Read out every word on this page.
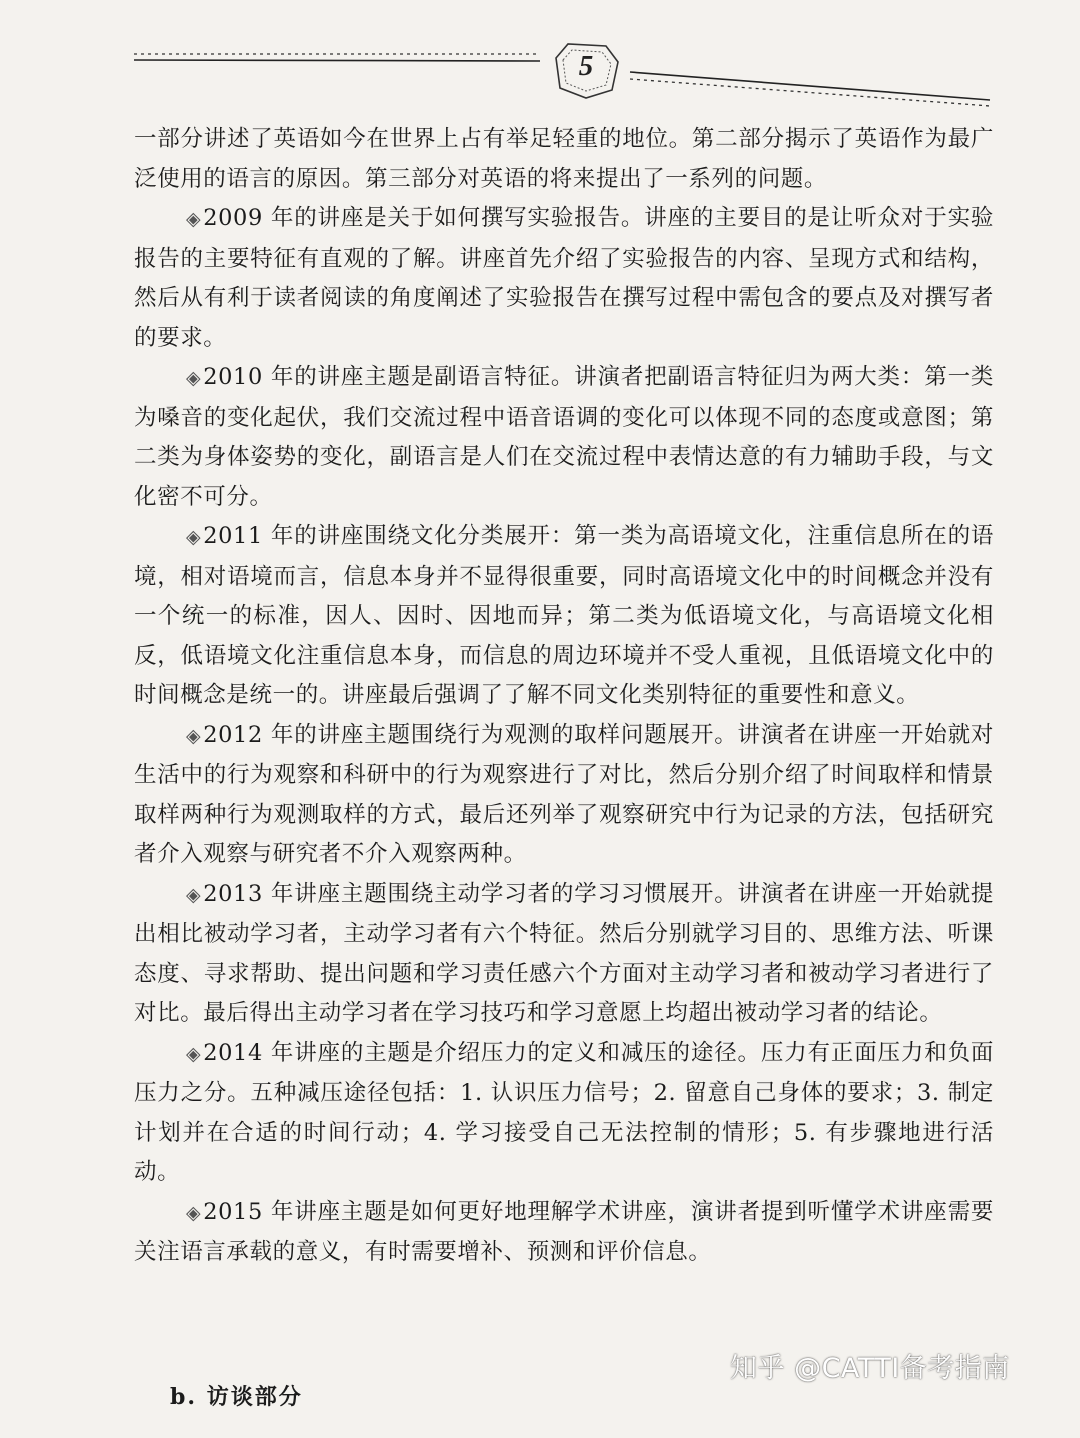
5

一部分讲述了英语如今在世界上占有举足轻重的地位。第二部分揭示了英语作为最广泛使用的语言的原因。第三部分对英语的将来提出了一系列的问题。

◈2009 年的讲座是关于如何撰写实验报告。讲座的主要目的是让听众对于实验报告的主要特征有直观的了解。讲座首先介绍了实验报告的内容、呈现方式和结构，然后从有利于读者阅读的角度阐述了实验报告在撰写过程中需包含的要点及对撰写者的要求。

◈2010 年的讲座主题是副语言特征。讲演者把副语言特征归为两大类：第一类为嗓音的变化起伏，我们交流过程中语音语调的变化可以体现不同的态度或意图；第二类为身体姿势的变化，副语言是人们在交流过程中表情达意的有力辅助手段，与文化密不可分。

◈2011 年的讲座围绕文化分类展开：第一类为高语境文化，注重信息所在的语境，相对语境而言，信息本身并不显得很重要，同时高语境文化中的时间概念并没有一个统一的标准，因人、因时、因地而异；第二类为低语境文化，与高语境文化相反，低语境文化注重信息本身，而信息的周边环境并不受人重视，且低语境文化中的时间概念是统一的。讲座最后强调了了解不同文化类别特征的重要性和意义。

◈2012 年的讲座主题围绕行为观测的取样问题展开。讲演者在讲座一开始就对生活中的行为观察和科研中的行为观察进行了对比，然后分别介绍了时间取样和情景取样两种行为观测取样的方式，最后还列举了观察研究中行为记录的方法，包括研究者介入观察与研究者不介入观察两种。

◈2013 年讲座主题围绕主动学习者的学习习惯展开。讲演者在讲座一开始就提出相比被动学习者，主动学习者有六个特征。然后分别就学习目的、思维方法、听课态度、寻求帮助、提出问题和学习责任感六个方面对主动学习者和被动学习者进行了对比。最后得出主动学习者在学习技巧和学习意愿上均超出被动学习者的结论。

◈2014 年讲座的主题是介绍压力的定义和减压的途径。压力有正面压力和负面压力之分。五种减压途径包括：1. 认识压力信号；2. 留意自己身体的要求；3. 制定计划并在合适的时间行动；4. 学习接受自己无法控制的情形；5. 有步骤地进行活动。

◈2015 年讲座主题是如何更好地理解学术讲座，演讲者提到听懂学术讲座需要关注语言承载的意义，有时需要增补、预测和评价信息。

b. 访谈部分
知乎 @CATTI备考指南
